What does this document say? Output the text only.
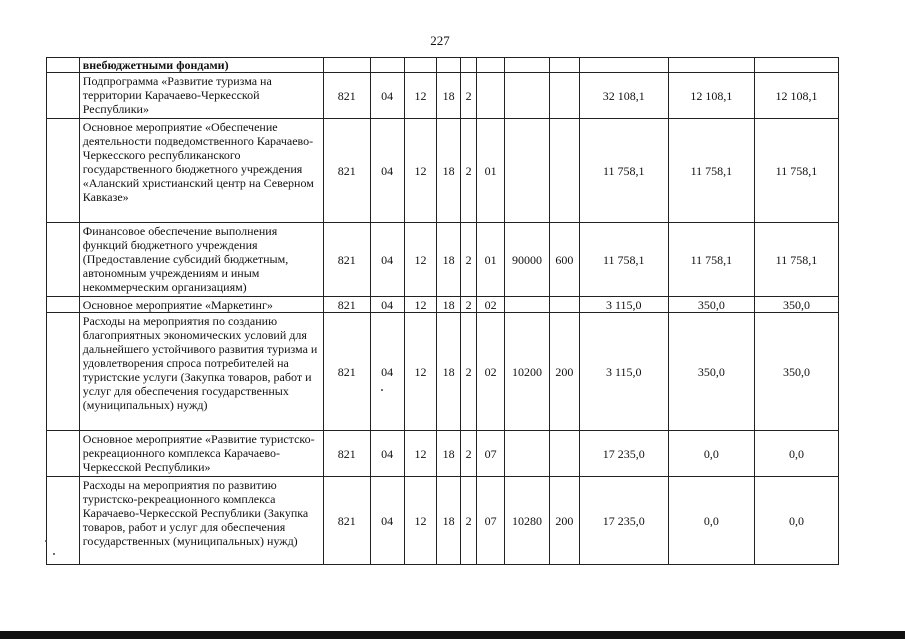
227
	внебюджетными фондами)											
	Подпрограмма «Развитие туризма на территории Карачаево-Черкесской Республики»	821	04	12	18	2				32 108,1	12 108,1	12 108,1
	Основное мероприятие «Обеспечение деятельности подведомственного Карачаево-Черкесского республиканского государственного бюджетного учреждения «Аланский христианский центр на Северном Кавказе»	821	04	12	18	2	01			11 758,1	11 758,1	11 758,1
	Финансовое обеспечение выполнения функций бюджетного учреждения (Предоставление субсидий бюджетным, автономным учреждениям и иным некоммерческим организациям)	821	04	12	18	2	01	90000	600	11 758,1	11 758,1	11 758,1
	Основное мероприятие «Маркетинг»	821	04	12	18	2	02			3 115,0	350,0	350,0
	Расходы на мероприятия по созданию благоприятных экономических условий для дальнейшего устойчивого развития туризма и удовлетворения спроса потребителей на туристские услуги (Закупка товаров, работ и услуг для обеспечения государственных (муниципальных) нужд)	821	04	12	18	2	02	10200	200	3 115,0	350,0	350,0
	Основное мероприятие «Развитие туристско-рекреационного комплекса Карачаево-Черкесской Республики»	821	04	12	18	2	07			17 235,0	0,0	0,0
	Расходы на мероприятия по развитию туристско-рекреационного комплекса Карачаево-Черкесской Республики (Закупка товаров, работ и услуг для обеспечения государственных (муниципальных) нужд)	821	04	12	18	2	07	10280	200	17 235,0	0,0	0,0
